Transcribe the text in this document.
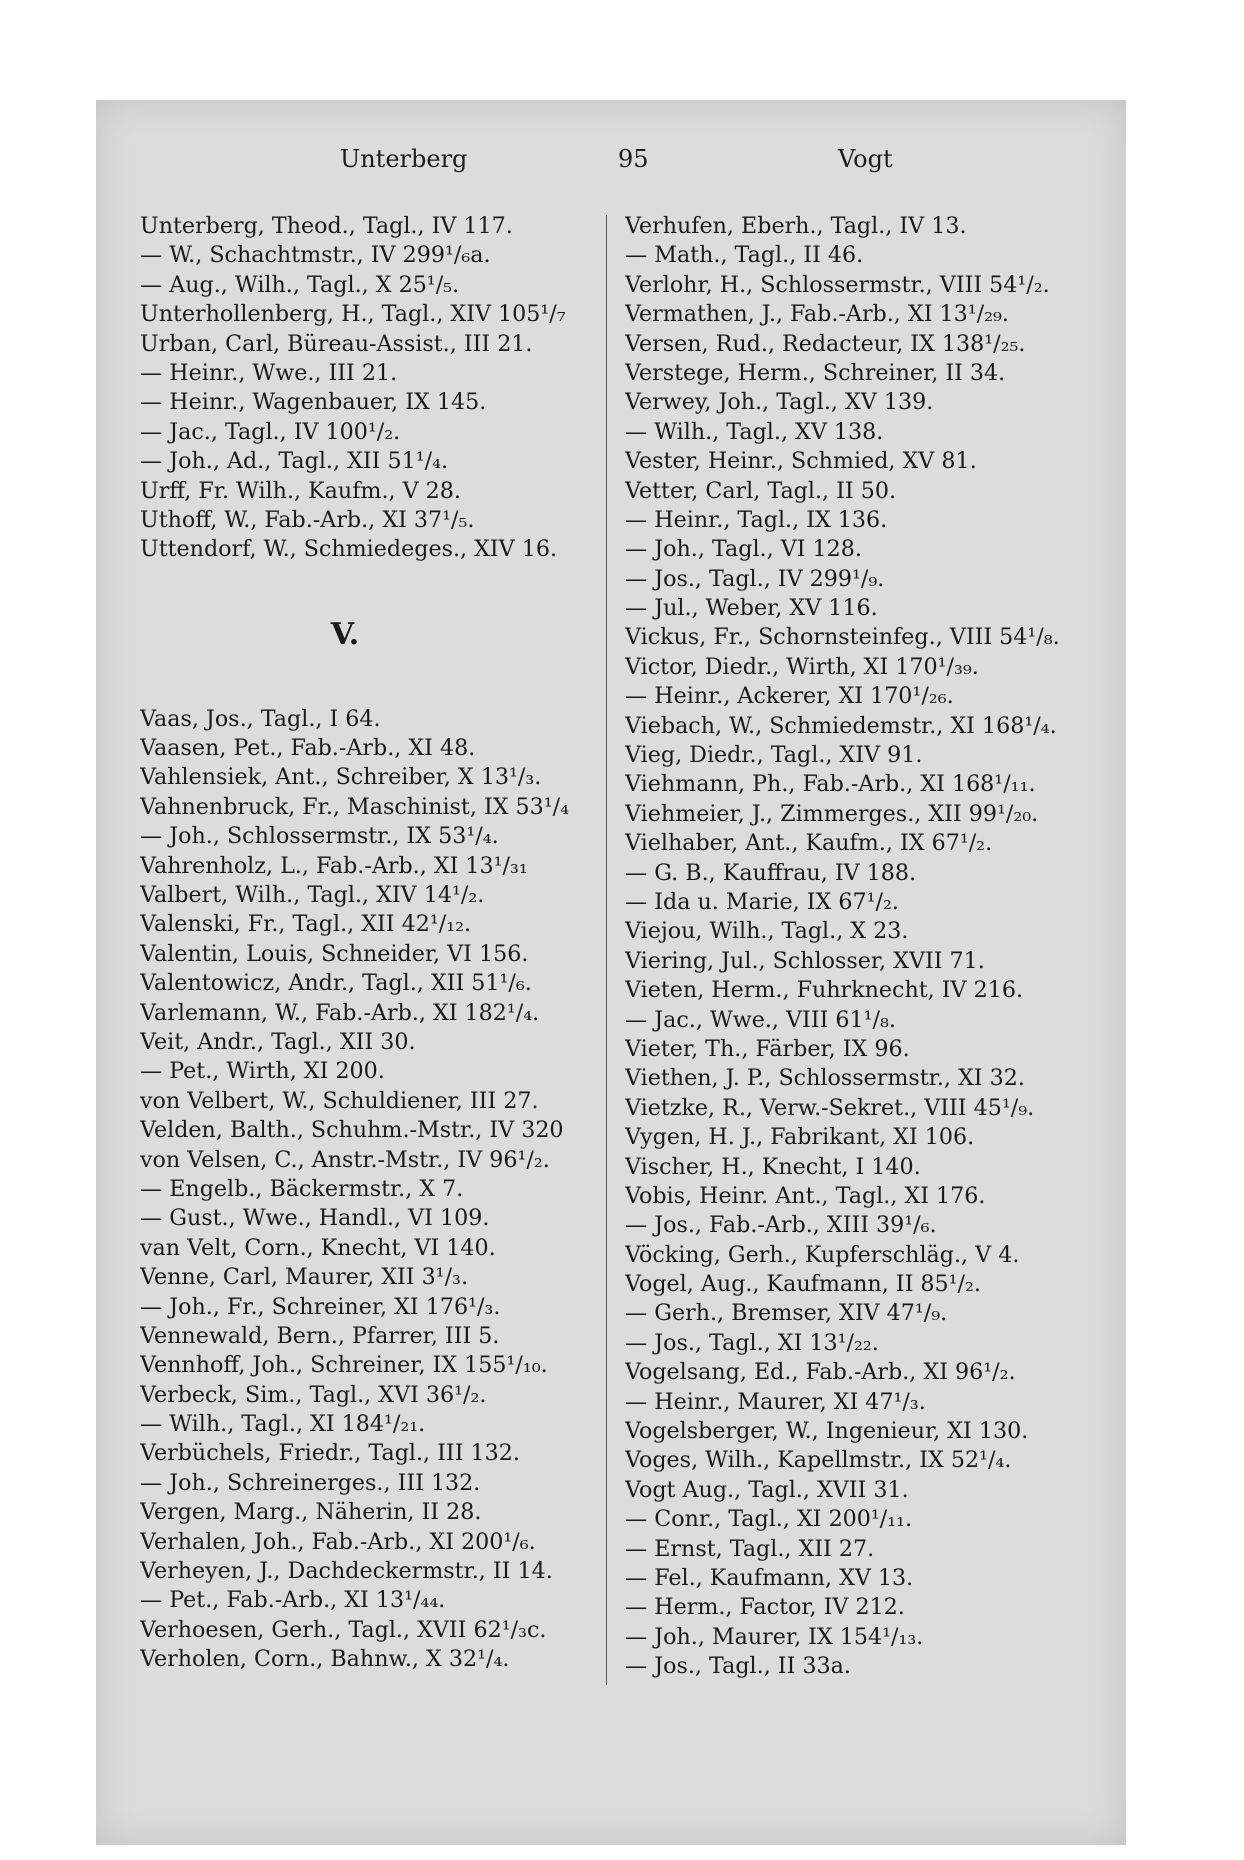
Unterberg	95	Vogt
Unterberg, Theod., Tagl., IV 117.
— W., Schachtmstr., IV 299¹/₆a.
— Aug., Wilh., Tagl., X 25¹/₅.
Unterhollenberg, H., Tagl., XIV 105¹/₇
Urban, Carl, Büreau-Assist., III 21.
— Heinr., Wwe., III 21.
— Heinr., Wagenbauer, IX 145.
— Jac., Tagl., IV 100¹/₂.
— Joh., Ad., Tagl., XII 51¹/₄.
Urff, Fr. Wilh., Kaufm., V 28.
Uthoff, W., Fab.-Arb., XI 37¹/₅.
Uttendorf, W., Schmiedeges., XIV 16.
V.
Vaas, Jos., Tagl., I 64.
Vaasen, Pet., Fab.-Arb., XI 48.
Vahlensiek, Ant., Schreiber, X 13¹/₃.
Vahnenbruck, Fr., Maschinist, IX 53¹/₄
— Joh., Schlossermstr., IX 53¹/₄.
Vahrenholz, L., Fab.-Arb., XI 13¹/₃₁
Valbert, Wilh., Tagl., XIV 14¹/₂.
Valenski, Fr., Tagl., XII 42¹/₁₂.
Valentin, Louis, Schneider, VI 156.
Valentowicz, Andr., Tagl., XII 51¹/₆.
Varlemann, W., Fab.-Arb., XI 182¹/₄.
Veit, Andr., Tagl., XII 30.
— Pet., Wirth, XI 200.
von Velbert, W., Schuldiener, III 27.
Velden, Balth., Schuhm.-Mstr., IV 320
von Velsen, C., Anstr.-Mstr., IV 96¹/₂.
— Engelb., Bäckermstr., X 7.
— Gust., Wwe., Handl., VI 109.
van Velt, Corn., Knecht, VI 140.
Venne, Carl, Maurer, XII 3¹/₃.
— Joh., Fr., Schreiner, XI 176¹/₃.
Vennewald, Bern., Pfarrer, III 5.
Vennhoff, Joh., Schreiner, IX 155¹/₁₀.
Verbeck, Sim., Tagl., XVI 36¹/₂.
— Wilh., Tagl., XI 184¹/₂₁.
Verbüchels, Friedr., Tagl., III 132.
— Joh., Schreinerges., III 132.
Vergen, Marg., Näherin, II 28.
Verhalen, Joh., Fab.-Arb., XI 200¹/₆.
Verheyen, J., Dachdeckermstr., II 14.
— Pet., Fab.-Arb., XI 13¹/₄₄.
Verhoesen, Gerh., Tagl., XVII 62¹/₃c.
Verholen, Corn., Bahnw., X 32¹/₄.
Verhufen, Eberh., Tagl., IV 13.
— Math., Tagl., II 46.
Verlohr, H., Schlossermstr., VIII 54¹/₂.
Vermathen, J., Fab.-Arb., XI 13¹/₂₉.
Versen, Rud., Redacteur, IX 138¹/₂₅.
Verstege, Herm., Schreiner, II 34.
Verwey, Joh., Tagl., XV 139.
— Wilh., Tagl., XV 138.
Vester, Heinr., Schmied, XV 81.
Vetter, Carl, Tagl., II 50.
— Heinr., Tagl., IX 136.
— Joh., Tagl., VI 128.
— Jos., Tagl., IV 299¹/₉.
— Jul., Weber, XV 116.
Vickus, Fr., Schornsteinfeg., VIII 54¹/₈.
Victor, Diedr., Wirth, XI 170¹/₃₉.
— Heinr., Ackerer, XI 170¹/₂₆.
Viebach, W., Schmiedemstr., XI 168¹/₄.
Vieg, Diedr., Tagl., XIV 91.
Viehmann, Ph., Fab.-Arb., XI 168¹/₁₁.
Viehmeier, J., Zimmerges., XII 99¹/₂₀.
Vielhaber, Ant., Kaufm., IX 67¹/₂.
— G. B., Kauffrau, IV 188.
— Ida u. Marie, IX 67¹/₂.
Viejou, Wilh., Tagl., X 23.
Viering, Jul., Schlosser, XVII 71.
Vieten, Herm., Fuhrknecht, IV 216.
— Jac., Wwe., VIII 61¹/₈.
Vieter, Th., Färber, IX 96.
Viethen, J. P., Schlossermstr., XI 32.
Vietzke, R., Verw.-Sekret., VIII 45¹/₉.
Vygen, H. J., Fabrikant, XI 106.
Vischer, H., Knecht, I 140.
Vobis, Heinr. Ant., Tagl., XI 176.
— Jos., Fab.-Arb., XIII 39¹/₆.
Vöcking, Gerh., Kupferschläg., V 4.
Vogel, Aug., Kaufmann, II 85¹/₂.
— Gerh., Bremser, XIV 47¹/₉.
— Jos., Tagl., XI 13¹/₂₂.
Vogelsang, Ed., Fab.-Arb., XI 96¹/₂.
— Heinr., Maurer, XI 47¹/₃.
Vogelsberger, W., Ingenieur, XI 130.
Voges, Wilh., Kapellmstr., IX 52¹/₄.
Vogt Aug., Tagl., XVII 31.
— Conr., Tagl., XI 200¹/₁₁.
— Ernst, Tagl., XII 27.
— Fel., Kaufmann, XV 13.
— Herm., Factor, IV 212.
— Joh., Maurer, IX 154¹/₁₃.
— Jos., Tagl., II 33a.
